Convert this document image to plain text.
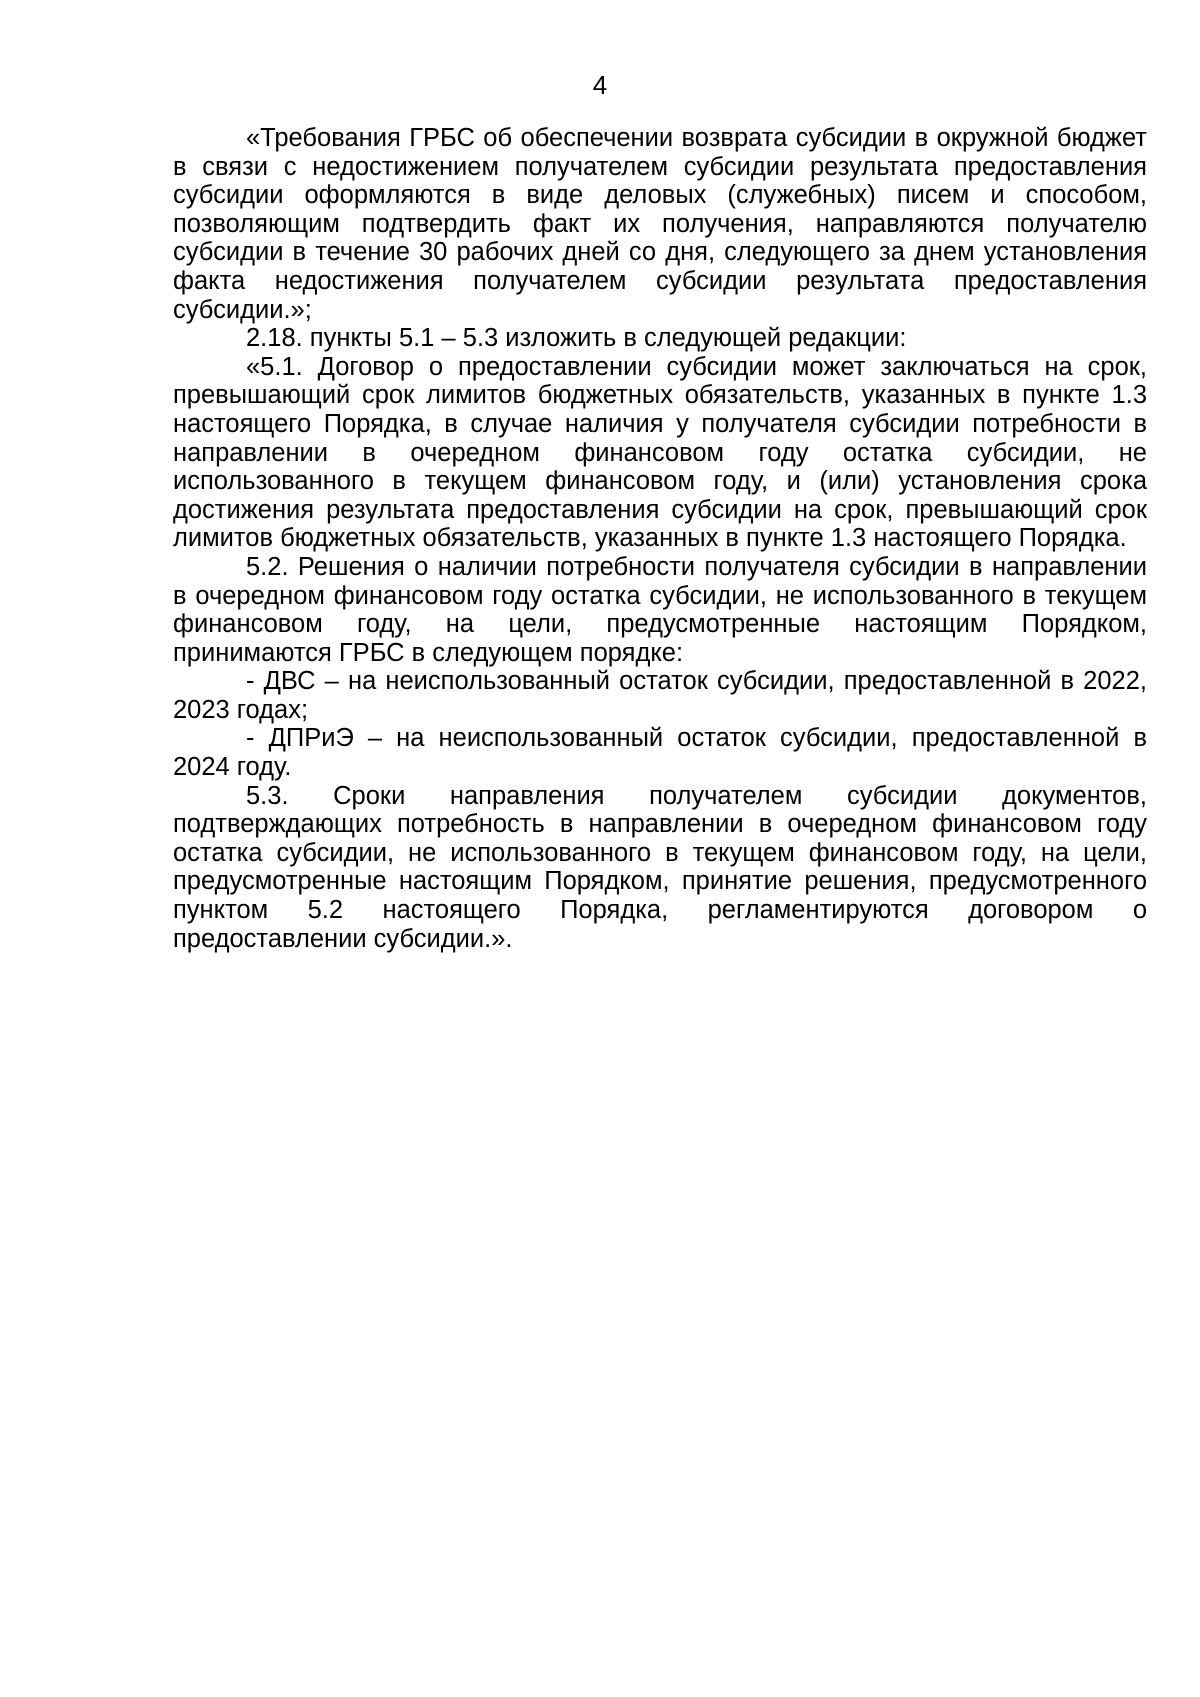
4

«Требования ГРБС об обеспечении возврата субсидии в окружной бюджет в связи с недостижением получателем субсидии результата предоставления субсидии оформляются в виде деловых (служебных) писем и способом, позволяющим подтвердить факт их получения, направляются получателю субсидии в течение 30 рабочих дней со дня, следующего за днем установления факта недостижения получателем субсидии результата предоставления субсидии.»;

2.18. пункты 5.1 – 5.3 изложить в следующей редакции:

«5.1. Договор о предоставлении субсидии может заключаться на срок, превышающий срок лимитов бюджетных обязательств, указанных в пункте 1.3 настоящего Порядка, в случае наличия у получателя субсидии потребности в направлении в очередном финансовом году остатка субсидии, не использованного в текущем финансовом году, и (или) установления срока достижения результата предоставления субсидии на срок, превышающий срок лимитов бюджетных обязательств, указанных в пункте 1.3 настоящего Порядка.

5.2. Решения о наличии потребности получателя субсидии в направлении в очередном финансовом году остатка субсидии, не использованного в текущем финансовом году, на цели, предусмотренные настоящим Порядком, принимаются ГРБС в следующем порядке:

- ДВС – на неиспользованный остаток субсидии, предоставленной в 2022, 2023 годах;

- ДПРиЭ – на неиспользованный остаток субсидии, предоставленной в 2024 году.

5.3. Сроки направления получателем субсидии документов, подтверждающих потребность в направлении в очередном финансовом году остатка субсидии, не использованного в текущем финансовом году, на цели, предусмотренные настоящим Порядком, принятие решения, предусмотренного пунктом 5.2 настоящего Порядка, регламентируются договором о предоставлении субсидии.».
